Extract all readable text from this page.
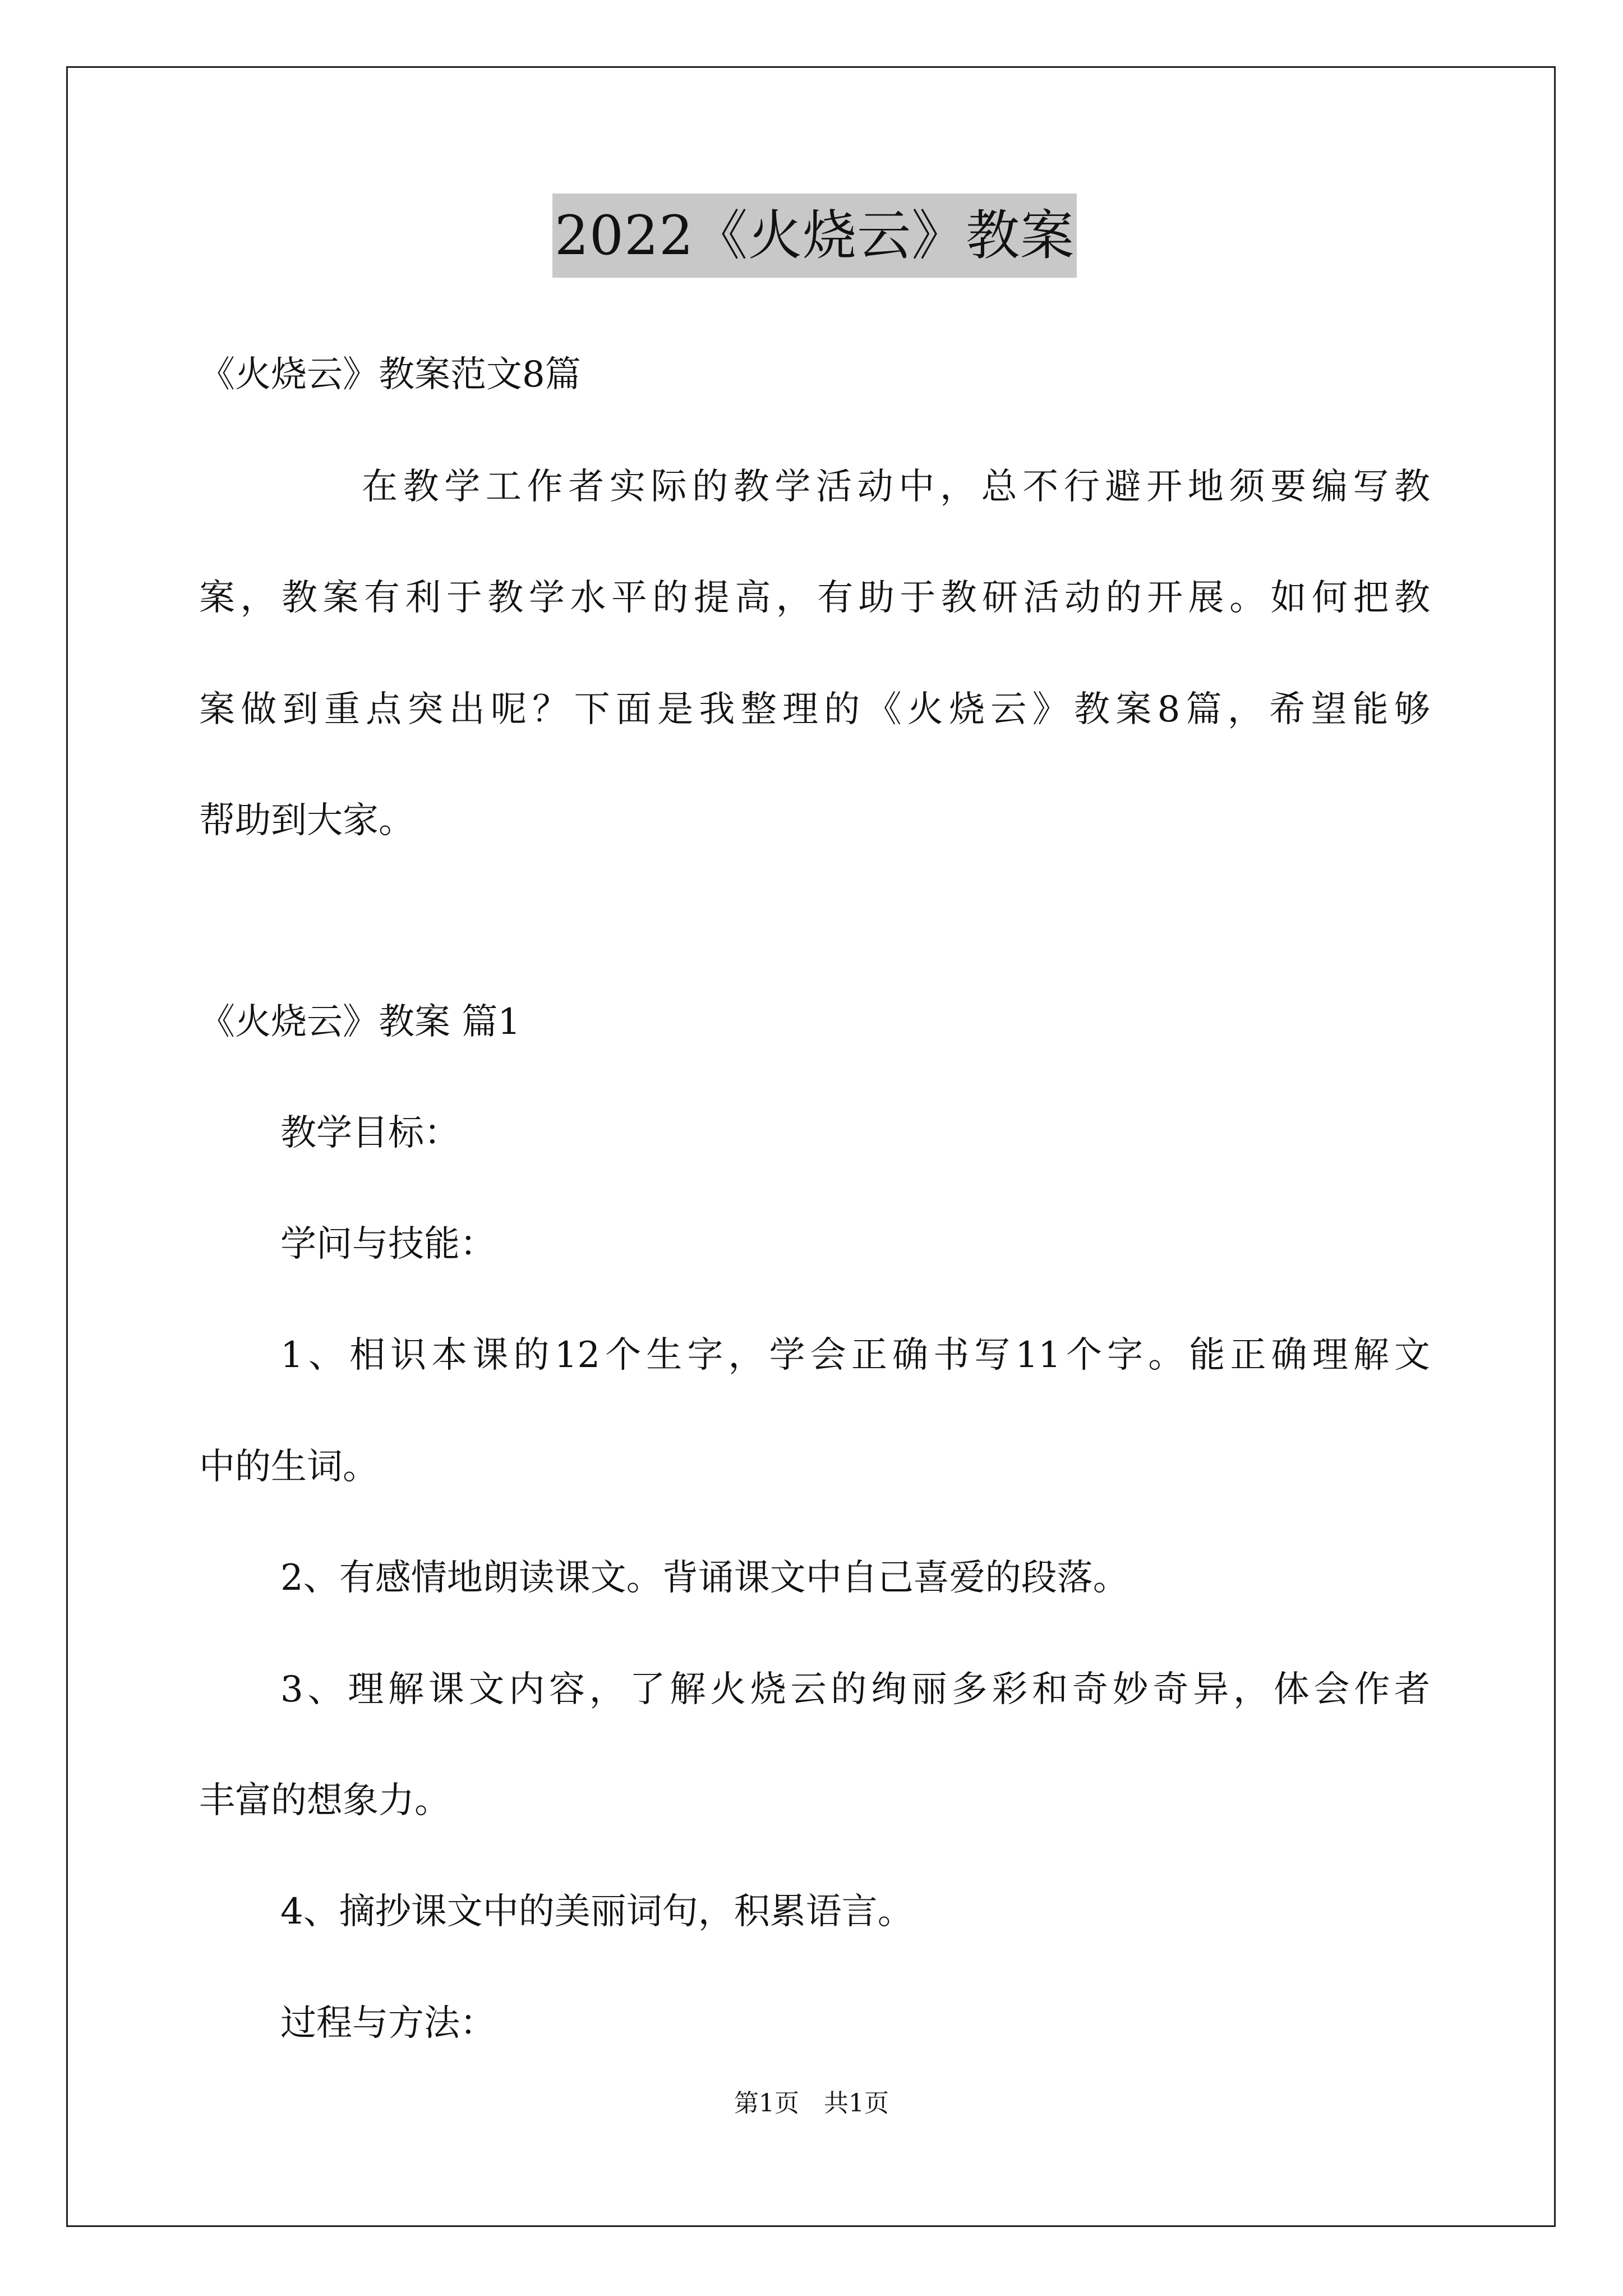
2022《火烧云》教案
《火烧云》教案范文8篇
在教学工作者实际的教学活动中，总不行避开地须要编写教
案，教案有利于教学水平的提高，有助于教研活动的开展。如何把教
案做到重点突出呢？下面是我整理的《火烧云》教案8篇，希望能够
帮助到大家。
《火烧云》教案 篇1
教学目标：
学问与技能：
1、相识本课的12个生字，学会正确书写11个字。能正确理解文
中的生词。
2、有感情地朗读课文。背诵课文中自己喜爱的段落。
3、理解课文内容，了解火烧云的绚丽多彩和奇妙奇异，体会作者
丰富的想象力。
4、摘抄课文中的美丽词句，积累语言。
过程与方法：
第1页　共1页
